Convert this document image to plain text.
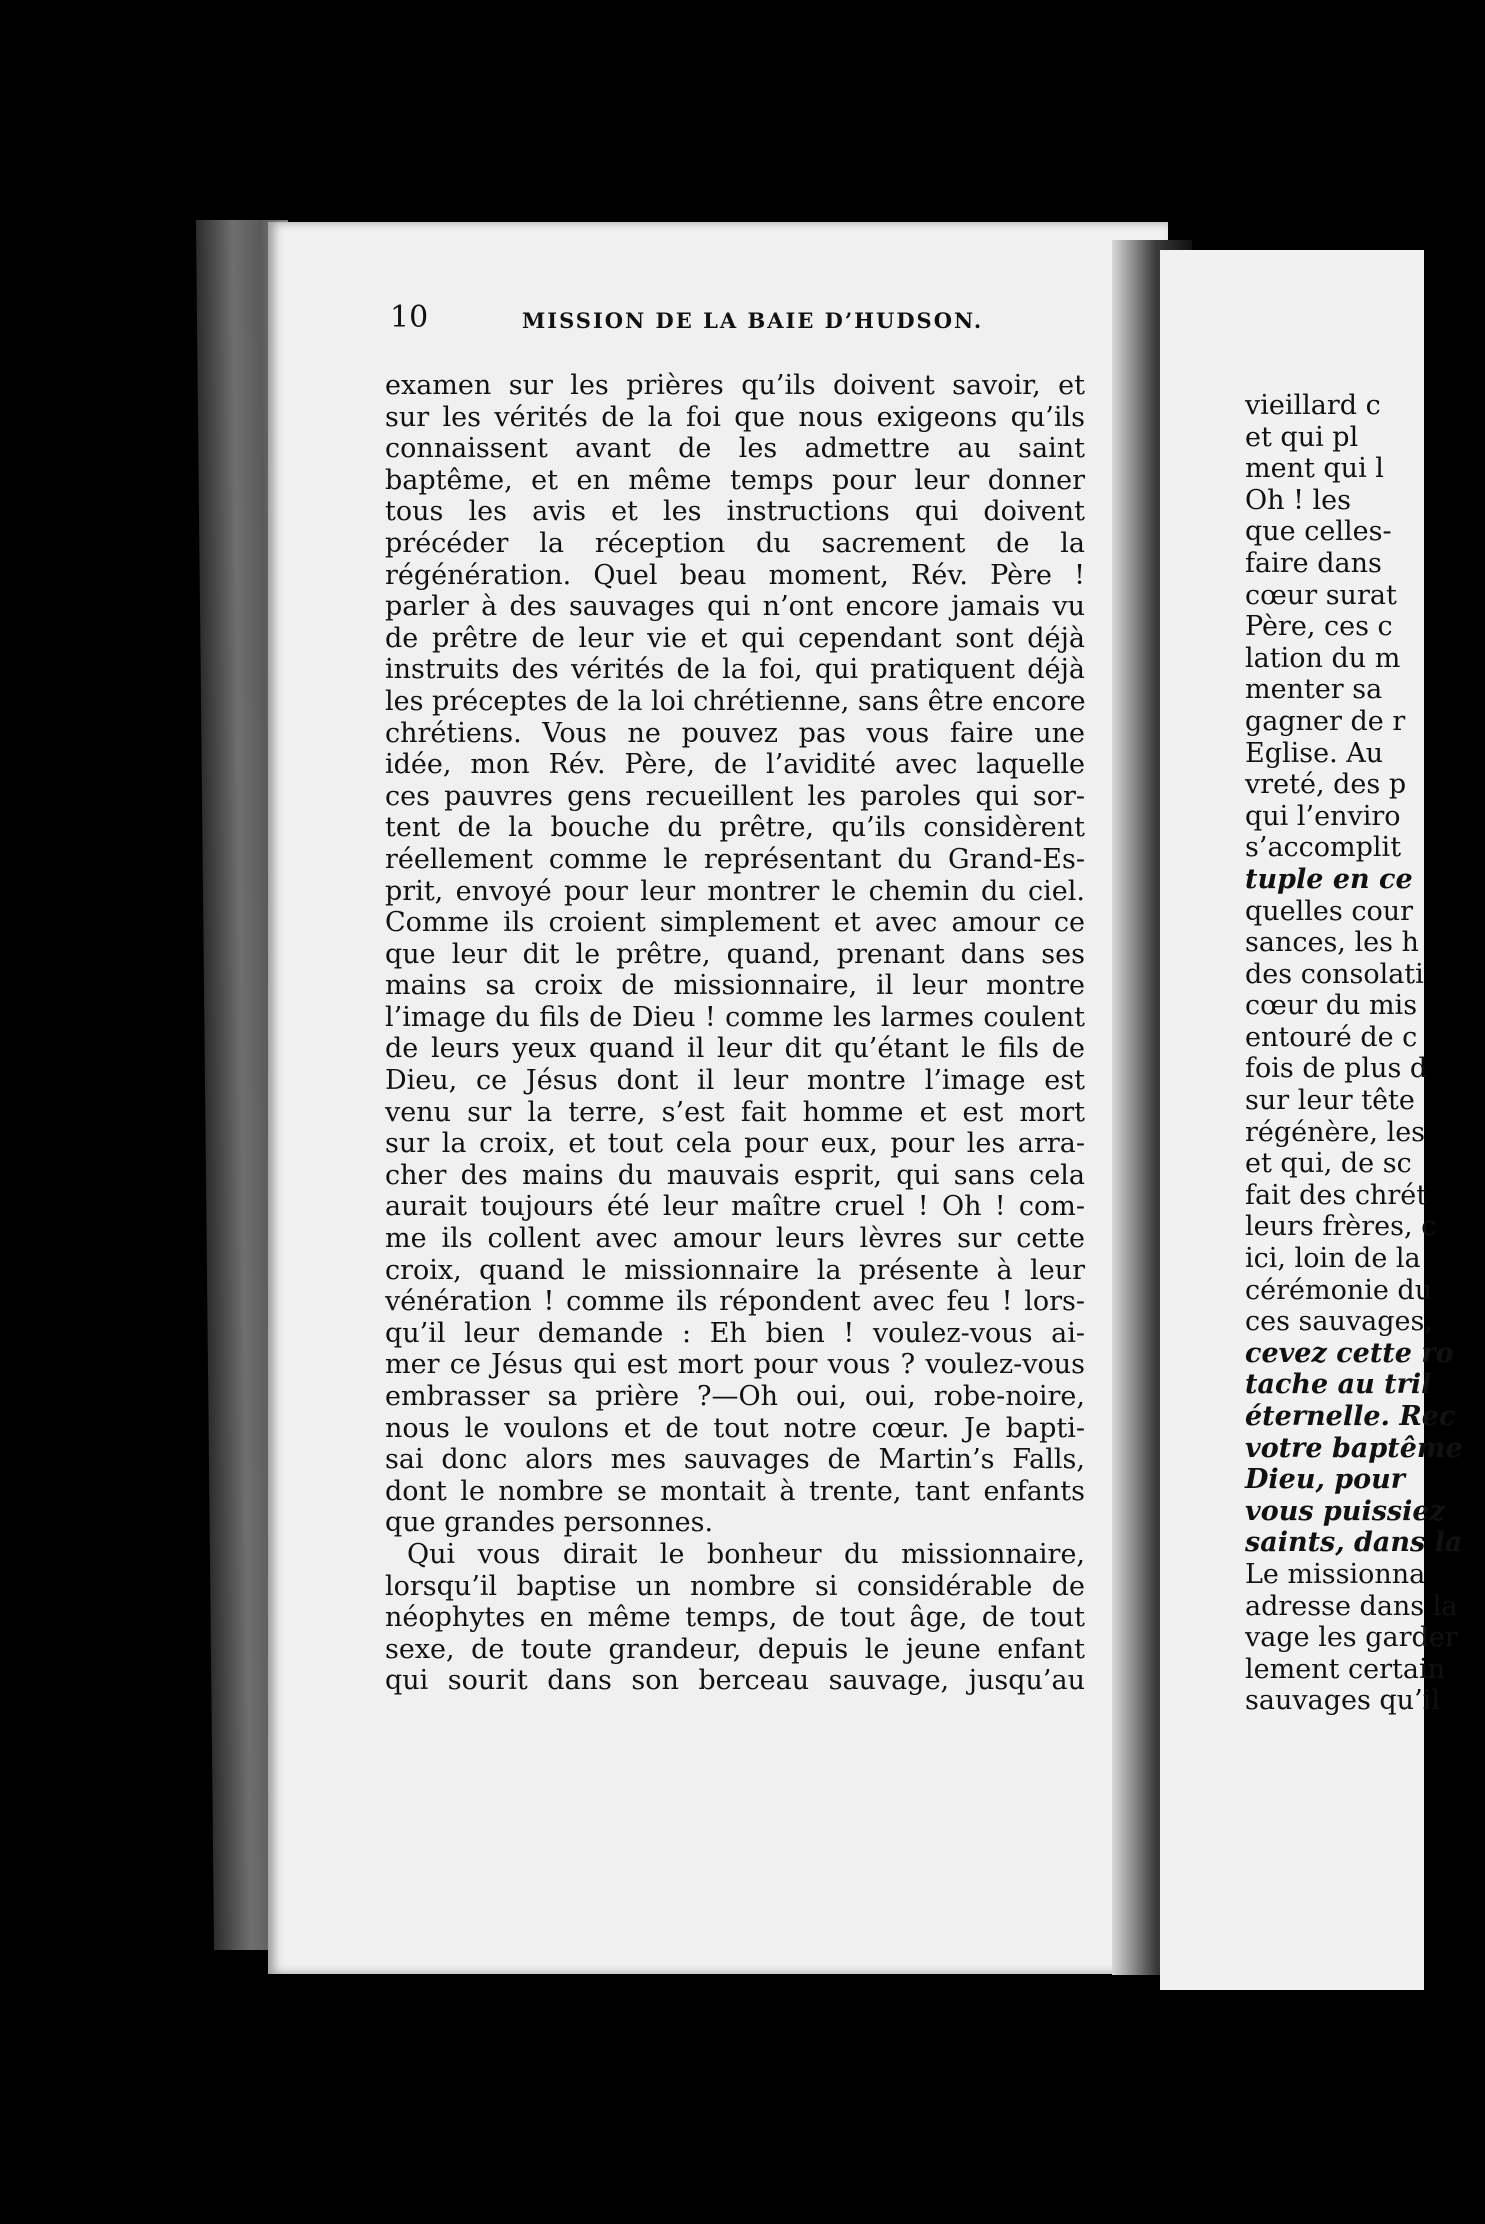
10	MISSION DE LA BAIE D’HUDSON.
examen sur les prières qu’ils doivent savoir, et
sur les vérités de la foi que nous exigeons qu’ils
connaissent avant de les admettre au saint
baptême, et en même temps pour leur donner
tous les avis et les instructions qui doivent
précéder la réception du sacrement de la
régénération. Quel beau moment, Rév. Père !
parler à des sauvages qui n’ont encore jamais vu
de prêtre de leur vie et qui cependant sont déjà
instruits des vérités de la foi, qui pratiquent déjà
les préceptes de la loi chrétienne, sans être encore
chrétiens. Vous ne pouvez pas vous faire une
idée, mon Rév. Père, de l’avidité avec laquelle
ces pauvres gens recueillent les paroles qui sor-
tent de la bouche du prêtre, qu’ils considèrent
réellement comme le représentant du Grand-Es-
prit, envoyé pour leur montrer le chemin du ciel.
Comme ils croient simplement et avec amour ce
que leur dit le prêtre, quand, prenant dans ses
mains sa croix de missionnaire, il leur montre
l’image du fils de Dieu ! comme les larmes coulent
de leurs yeux quand il leur dit qu’étant le fils de
Dieu, ce Jésus dont il leur montre l’image est
venu sur la terre, s’est fait homme et est mort
sur la croix, et tout cela pour eux, pour les arra-
cher des mains du mauvais esprit, qui sans cela
aurait toujours été leur maître cruel ! Oh ! com-
me ils collent avec amour leurs lèvres sur cette
croix, quand le missionnaire la présente à leur
vénération ! comme ils répondent avec feu ! lors-
qu’il leur demande : Eh bien ! voulez-vous ai-
mer ce Jésus qui est mort pour vous ? voulez-vous
embrasser sa prière ?—Oh oui, oui, robe-noire,
nous le voulons et de tout notre cœur. Je bapti-
sai donc alors mes sauvages de Martin’s Falls,
dont le nombre se montait à trente, tant enfants
que grandes personnes.
Qui vous dirait le bonheur du missionnaire,
lorsqu’il baptise un nombre si considérable de
néophytes en même temps, de tout âge, de tout
sexe, de toute grandeur, depuis le jeune enfant
qui sourit dans son berceau sauvage, jusqu’au
vieillard c
et qui pl
ment qui l
Oh ! les
que celles-
faire dans
cœur surat
Père, ces c
lation du m
menter sa
gagner de r
Eglise. Au
vreté, des p
qui l’enviro
s’accomplit
tuple en ce
quelles cour
sances, les h
des consolati
cœur du mis
entouré de c
fois de plus d
sur leur tête
régénère, les
et qui, de sc
fait des chrét
leurs frères, c
ici, loin de la
cérémonie du
ces sauvages,
cevez cette ro
tache au tril
éternelle. Rec
votre baptême
Dieu, pour
vous puissiez
saints, dans la
Le missionna
adresse dans la
vage les garder
lement certain
sauvages qu’il
